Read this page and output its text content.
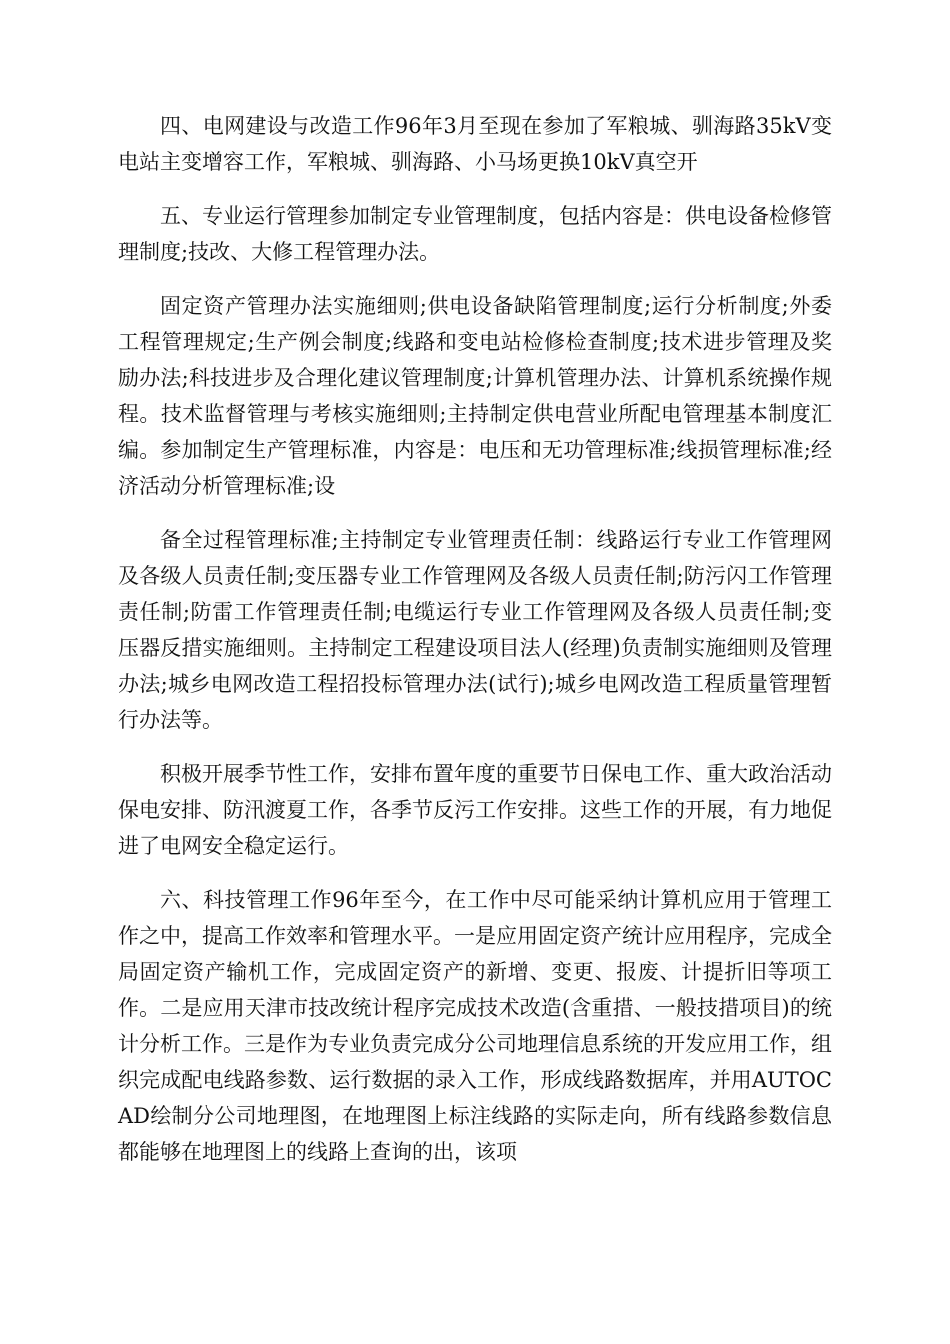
四、电网建设与改造工作96年3月至现在参加了军粮城、驯海路35kV变电站主变增容工作，军粮城、驯海路、小马场更换10kV真空开

五、专业运行管理参加制定专业管理制度，包括内容是：供电设备检修管理制度;技改、大修工程管理办法。

固定资产管理办法实施细则;供电设备缺陷管理制度;运行分析制度;外委工程管理规定;生产例会制度;线路和变电站检修检查制度;技术进步管理及奖励办法;科技进步及合理化建议管理制度;计算机管理办法、计算机系统操作规程。技术监督管理与考核实施细则;主持制定供电营业所配电管理基本制度汇编。参加制定生产管理标准，内容是：电压和无功管理标准;线损管理标准;经济活动分析管理标准;设

备全过程管理标准;主持制定专业管理责任制：线路运行专业工作管理网及各级人员责任制;变压器专业工作管理网及各级人员责任制;防污闪工作管理责任制;防雷工作管理责任制;电缆运行专业工作管理网及各级人员责任制;变压器反措实施细则。主持制定工程建设项目法人(经理)负责制实施细则及管理办法;城乡电网改造工程招投标管理办法(试行);城乡电网改造工程质量管理暂行办法等。

积极开展季节性工作，安排布置年度的重要节日保电工作、重大政治活动保电安排、防汛渡夏工作，各季节反污工作安排。这些工作的开展，有力地促进了电网安全稳定运行。

六、科技管理工作96年至今，在工作中尽可能采纳计算机应用于管理工作之中，提高工作效率和管理水平。一是应用固定资产统计应用程序，完成全局固定资产输机工作，完成固定资产的新增、变更、报废、计提折旧等项工作。二是应用天津市技改统计程序完成技术改造(含重措、一般技措项目)的统计分析工作。三是作为专业负责完成分公司地理信息系统的开发应用工作，组织完成配电线路参数、运行数据的录入工作，形成线路数据库，并用AUTOCAD绘制分公司地理图，在地理图上标注线路的实际走向，所有线路参数信息都能够在地理图上的线路上查询的出，该项
